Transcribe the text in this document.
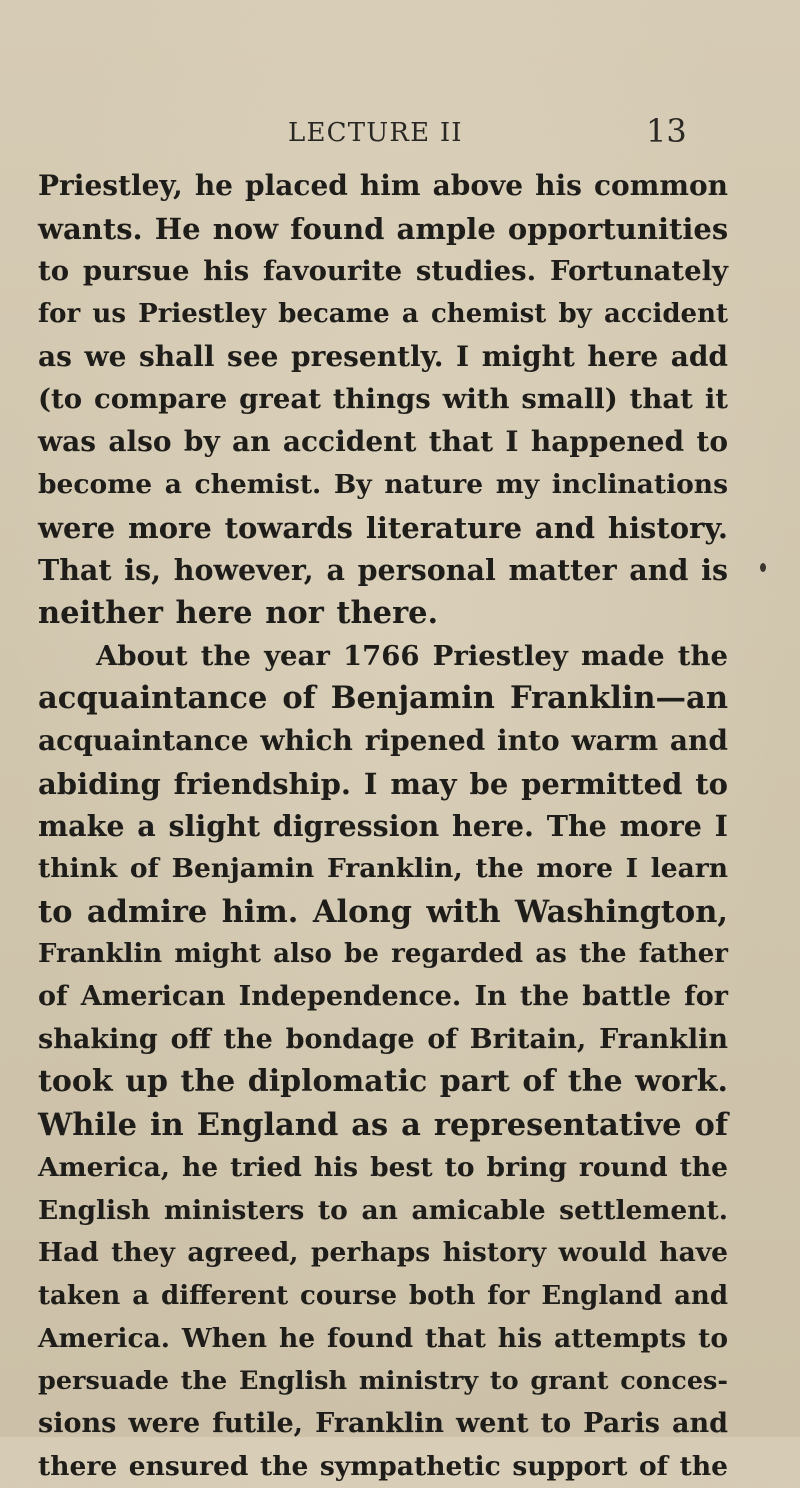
LECTURE II	13
Priestley, he placed him above his common
wants. He now found ample opportunities
to pursue his favourite studies. Fortunately
for us Priestley became a chemist by accident
as we shall see presently. I might here add
(to compare great things with small) that it
was also by an accident that I happened to
become a chemist. By nature my inclinations
were more towards literature and history.
That is, however, a personal matter and is
neither here nor there.
About the year 1766 Priestley made the
acquaintance of Benjamin Franklin—an
acquaintance which ripened into warm and
abiding friendship. I may be permitted to
make a slight digression here. The more I
think of Benjamin Franklin, the more I learn
to admire him. Along with Washington,
Franklin might also be regarded as the father
of American Independence. In the battle for
shaking off the bondage of Britain, Franklin
took up the diplomatic part of the work.
While in England as a representative of
America, he tried his best to bring round the
English ministers to an amicable settlement.
Had they agreed, perhaps history would have
taken a different course both for England and
America. When he found that his attempts to
persuade the English ministry to grant conces-
sions were futile, Franklin went to Paris and
there ensured the sympathetic support of the
